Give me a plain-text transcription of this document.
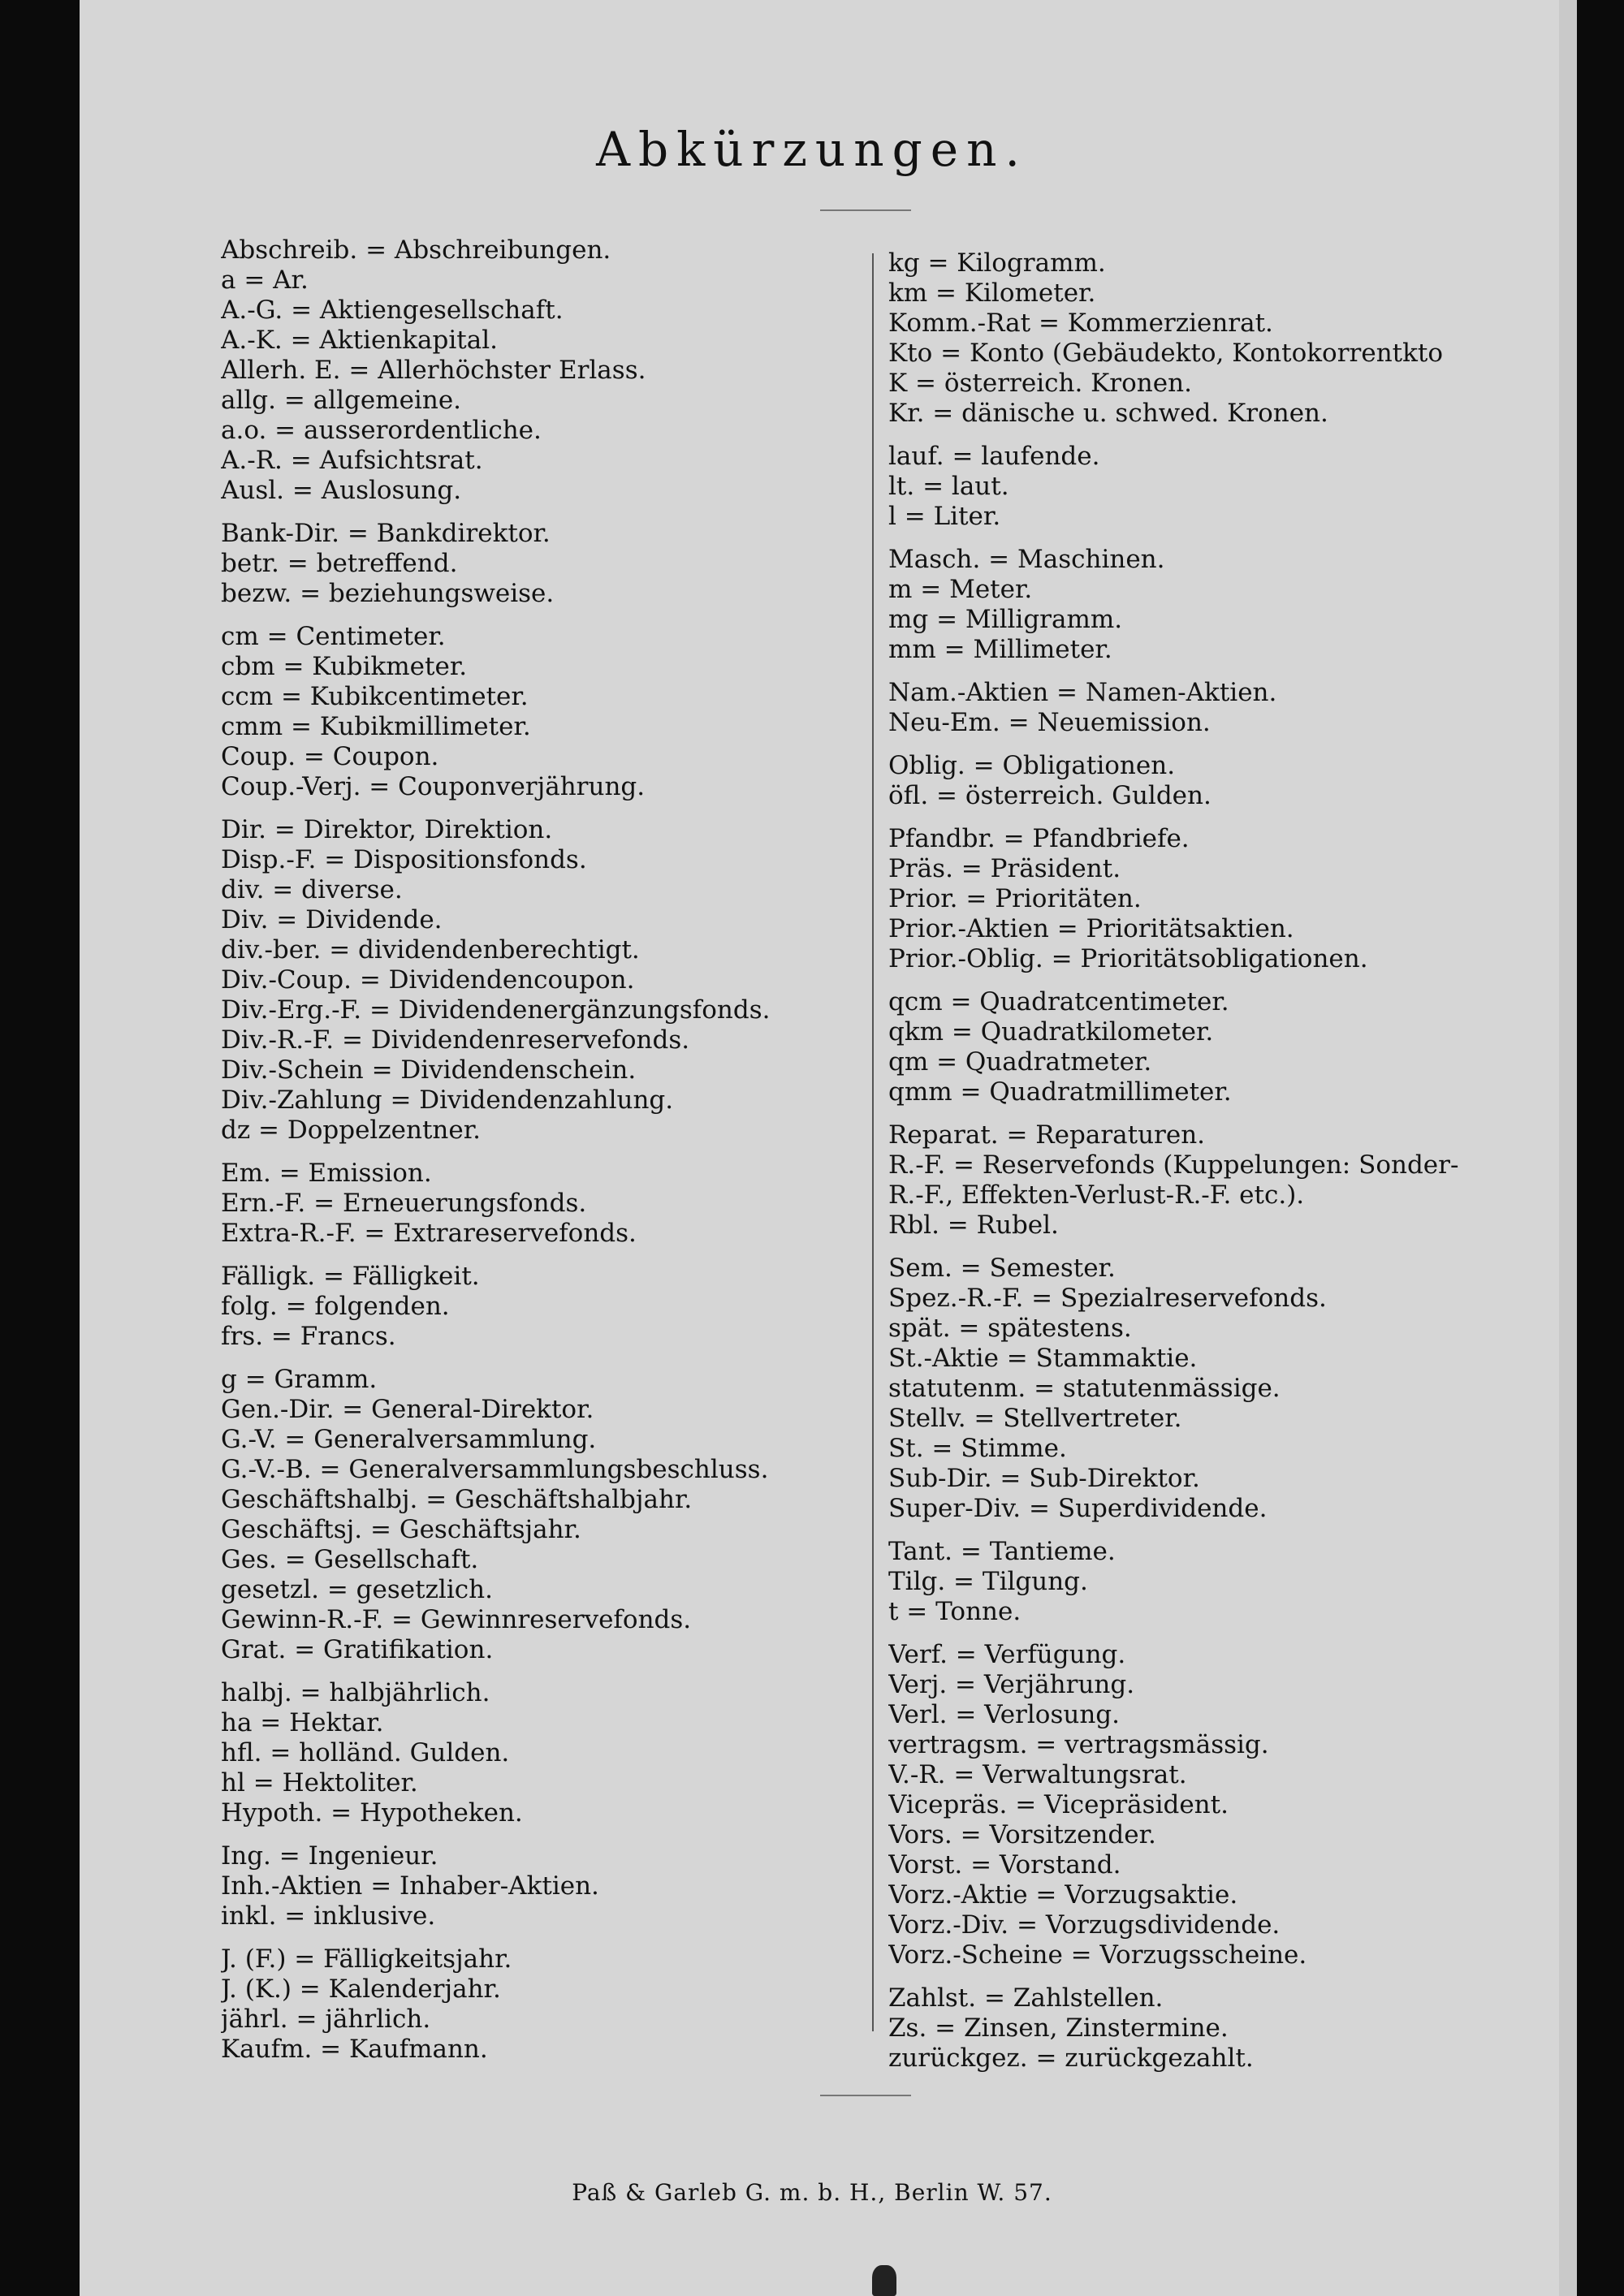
Abkürzungen.
Abschreib. = Abschreibungen.
a = Ar.
A.-G. = Aktiengesellschaft.
A.-K. = Aktienkapital.
Allerh. E. = Allerhöchster Erlass.
allg. = allgemeine.
a.o. = ausserordentliche.
A.-R. = Aufsichtsrat.
Ausl. = Auslosung.
Bank-Dir. = Bankdirektor.
betr. = betreffend.
bezw. = beziehungsweise.
cm = Centimeter.
cbm = Kubikmeter.
ccm = Kubikcentimeter.
cmm = Kubikmillimeter.
Coup. = Coupon.
Coup.-Verj. = Couponverjährung.
Dir. = Direktor, Direktion.
Disp.-F. = Dispositionsfonds.
div. = diverse.
Div. = Dividende.
div.-ber. = dividendenberechtigt.
Div.-Coup. = Dividendencoupon.
Div.-Erg.-F. = Dividendenergänzungsfonds.
Div.-R.-F. = Dividendenreservefonds.
Div.-Schein = Dividendenschein.
Div.-Zahlung = Dividendenzahlung.
dz = Doppelzentner.
Em. = Emission.
Ern.-F. = Erneuerungsfonds.
Extra-R.-F. = Extrareservefonds.
Fälligk. = Fälligkeit.
folg. = folgenden.
frs. = Francs.
g = Gramm.
Gen.-Dir. = General-Direktor.
G.-V. = Generalversammlung.
G.-V.-B. = Generalversammlungsbeschluss.
Geschäftshalbj. = Geschäftshalbjahr.
Geschäftsj. = Geschäftsjahr.
Ges. = Gesellschaft.
gesetzl. = gesetzlich.
Gewinn-R.-F. = Gewinnreservefonds.
Grat. = Gratifikation.
halbj. = halbjährlich.
ha = Hektar.
hfl. = holländ. Gulden.
hl = Hektoliter.
Hypoth. = Hypotheken.
Ing. = Ingenieur.
Inh.-Aktien = Inhaber-Aktien.
inkl. = inklusive.
J. (F.) = Fälligkeitsjahr.
J. (K.) = Kalenderjahr.
jährl. = jährlich.
Kaufm. = Kaufmann.
kg = Kilogramm.
km = Kilometer.
Komm.-Rat = Kommerzienrat.
Kto = Konto (Gebäudekto, Kontokorrentkto
K = österreich. Kronen.
Kr. = dänische u. schwed. Kronen.
lauf. = laufende.
lt. = laut.
l = Liter.
Masch. = Maschinen.
m = Meter.
mg = Milligramm.
mm = Millimeter.
Nam.-Aktien = Namen-Aktien.
Neu-Em. = Neuemission.
Oblig. = Obligationen.
öfl. = österreich. Gulden.
Pfandbr. = Pfandbriefe.
Präs. = Präsident.
Prior. = Prioritäten.
Prior.-Aktien = Prioritätsaktien.
Prior.-Oblig. = Prioritätsobligationen.
qcm = Quadratcentimeter.
qkm = Quadratkilometer.
qm = Quadratmeter.
qmm = Quadratmillimeter.
Reparat. = Reparaturen.
R.-F. = Reservefonds (Kuppelungen: Sonder-
R.-F., Effekten-Verlust-R.-F. etc.).
Rbl. = Rubel.
Sem. = Semester.
Spez.-R.-F. = Spezialreservefonds.
spät. = spätestens.
St.-Aktie = Stammaktie.
statutenm. = statutenmässige.
Stellv. = Stellvertreter.
St. = Stimme.
Sub-Dir. = Sub-Direktor.
Super-Div. = Superdividende.
Tant. = Tantieme.
Tilg. = Tilgung.
t = Tonne.
Verf. = Verfügung.
Verj. = Verjährung.
Verl. = Verlosung.
vertragsm. = vertragsmässig.
V.-R. = Verwaltungsrat.
Vicepräs. = Vicepräsident.
Vors. = Vorsitzender.
Vorst. = Vorstand.
Vorz.-Aktie = Vorzugsaktie.
Vorz.-Div. = Vorzugsdividende.
Vorz.-Scheine = Vorzugsscheine.
Zahlst. = Zahlstellen.
Zs. = Zinsen, Zinstermine.
zurückgez. = zurückgezahlt.
Paß & Garleb G. m. b. H., Berlin W. 57.
